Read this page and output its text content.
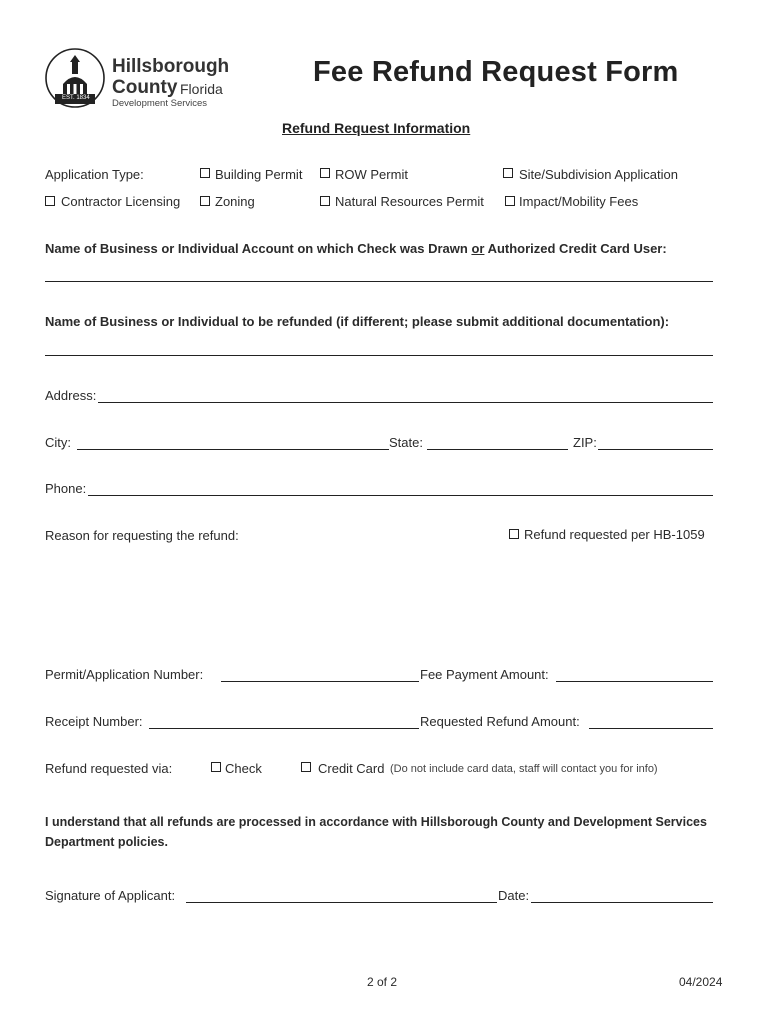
EST. 1834
Hillsborough
County Florida
Development Services
Fee Refund Request Form
Refund Request Information
Application Type:	Building Permit	ROW Permit	Site/Subdivision Application
Contractor Licensing	Zoning	Natural Resources Permit	Impact/Mobility Fees
Name of Business or Individual Account on which Check was Drawn or Authorized Credit Card User:
Name of Business or Individual to be refunded (if different; please submit additional documentation):
Address:
City:	State:	ZIP:
Phone:
Reason for requesting the refund:	Refund requested per HB-1059
Permit/Application Number:	Fee Payment Amount:
Receipt Number:	Requested Refund Amount:
Refund requested via:	Check	Credit Card (Do not include card data, staff will contact you for info)
I understand that all refunds are processed in accordance with Hillsborough County and Development Services
Department policies.
Signature of Applicant:	Date:
2 of 2	04/2024
